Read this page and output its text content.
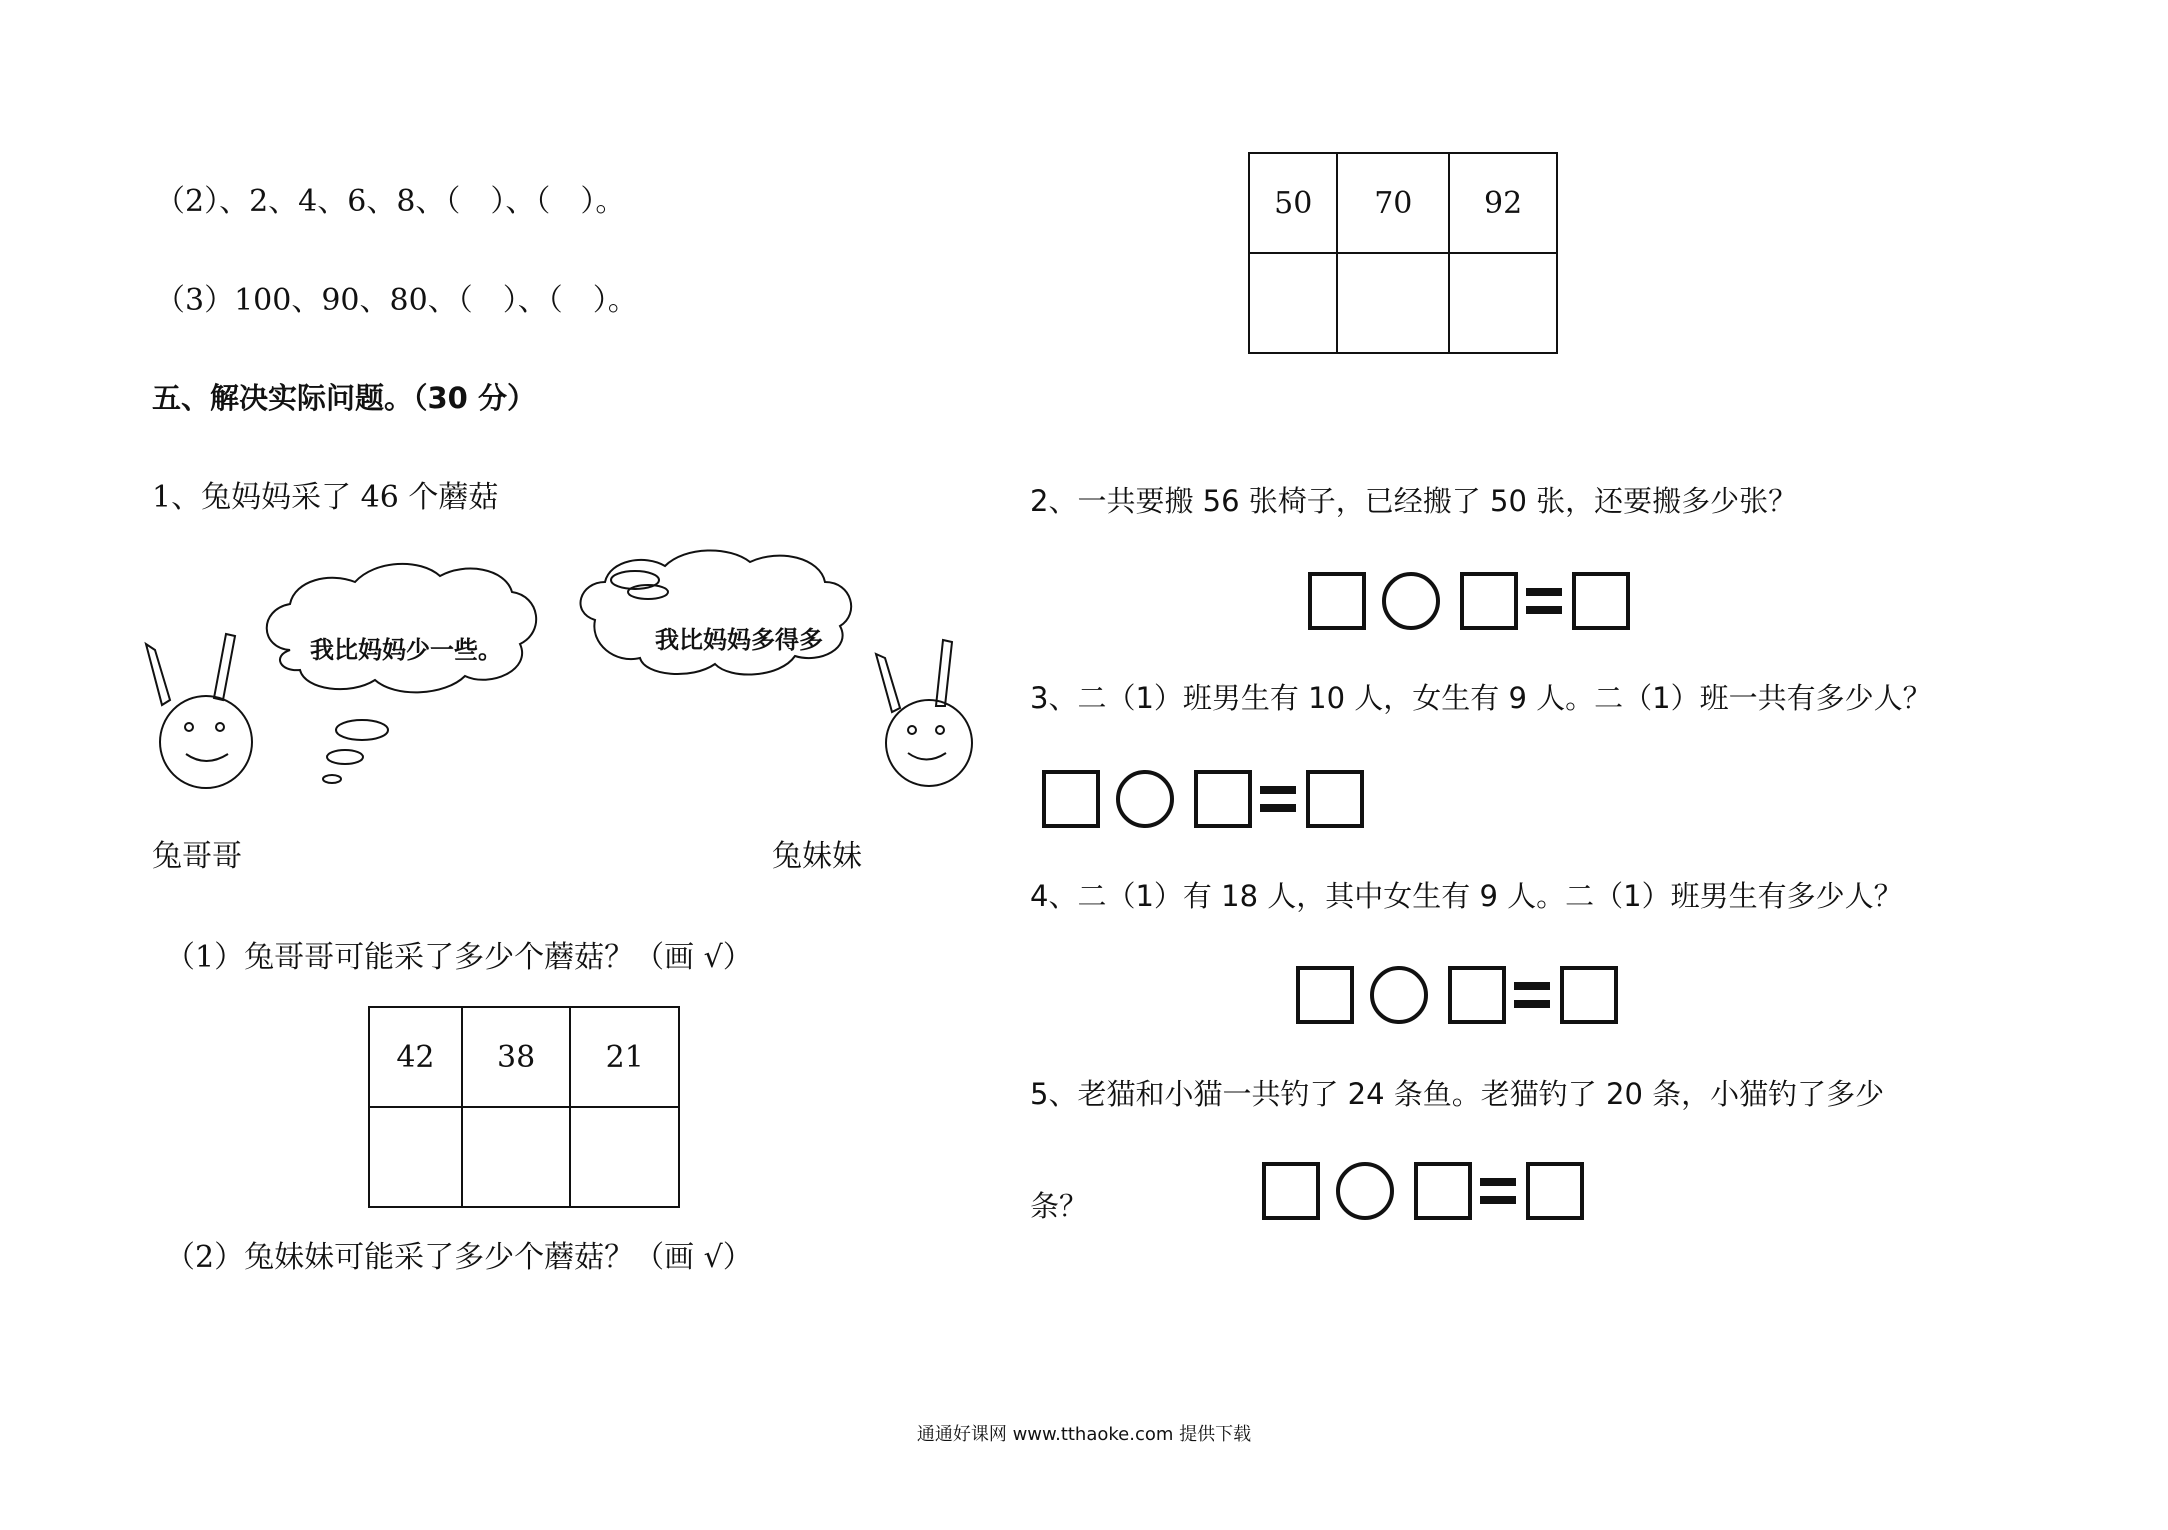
（2）、2、4、6、8、（　）、（　）。
（3）100、90、80、（　）、（　）。
五、解决实际问题。（30 分）
1、兔妈妈采了 46 个蘑菇
我比妈妈少一些。	我比妈妈多得多
兔哥哥	兔妹妹
（1）兔哥哥可能采了多少个蘑菇？（画 √）
42	38	21

（2）兔妹妹可能采了多少个蘑菇？（画 √）
50	70	92

2、一共要搬 56 张椅子，已经搬了 50 张，还要搬多少张？
3、二（1）班男生有 10 人，女生有 9 人。二（1）班一共有多少人？
4、二（1）有 18 人，其中女生有 9 人。二（1）班男生有多少人？
5、老猫和小猫一共钓了 24 条鱼。老猫钓了 20 条，小猫钓了多少
条？
通通好课网 www.tthaoke.com 提供下载
